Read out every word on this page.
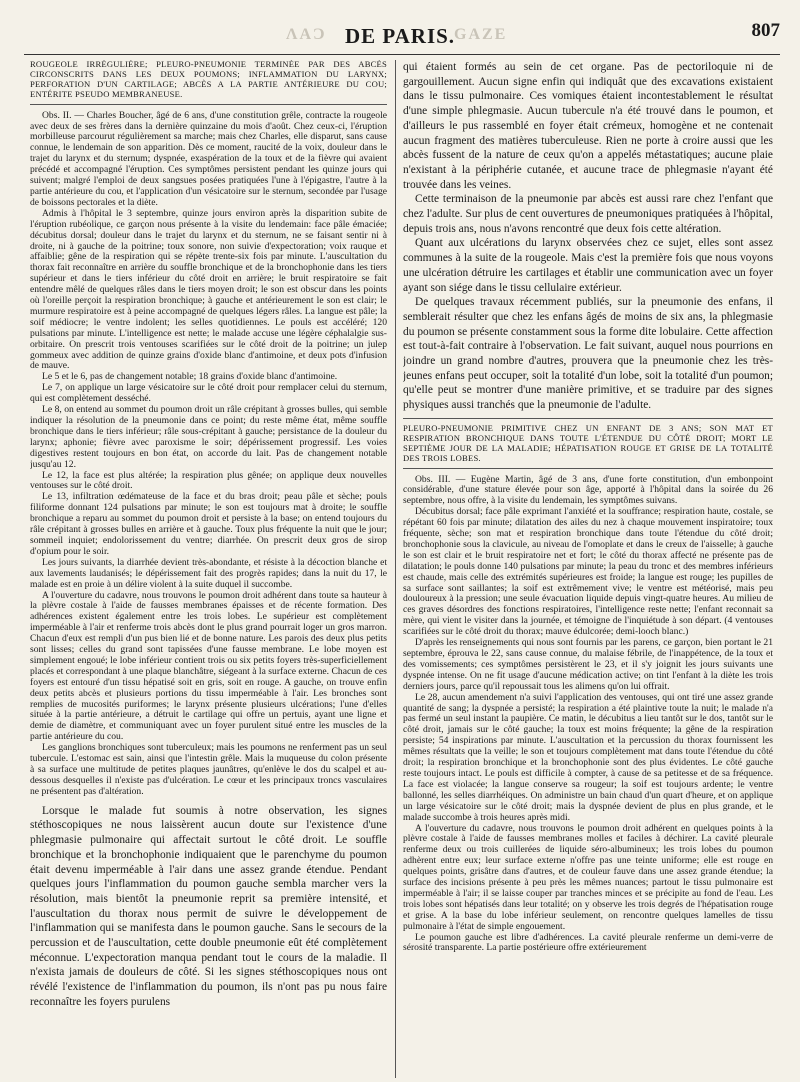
ΛAƆ DE PARIS.
GAZE	807

ROUGEOLE IRRÉGULIÈRE; PLEURO-PNEUMONIE TERMINÉE PAR DES ABCÈS CIRCONSCRITS DANS LES DEUX POUMONS; INFLAMMATION DU LARYNX; PERFORATION D'UN CARTILAGE; ABCÈS A LA PARTIE ANTÉRIEURE DU COU; ENTÉRITE PSEUDO MEMBRANEUSE.

Obs. II. — Charles Boucher, âgé de 6 ans, d'une constitution grêle, contracte la rougeole avec deux de ses frères dans la dernière quinzaine du mois d'août. Chez ceux-ci, l'éruption morbilleuse parcourut régulièrement sa marche; mais chez Charles, elle disparut, sans cause connue, le lendemain de son apparition. Dès ce moment, raucité de la voix, douleur dans le trajet du larynx et du sternum; dyspnée, exaspération de la toux et de la fièvre qui avaient précédé et accompagné l'éruption. Ces symptômes persistent pendant les quinze jours qui suivent; malgré l'emploi de deux sangsues posées pratiquées l'une à l'épigastre, l'autre à la partie antérieure du cou, et l'application d'un vésicatoire sur le sternum, secondée par l'usage de boissons pectorales et la diète.

Admis à l'hôpital le 3 septembre, quinze jours environ après la disparition subite de l'éruption rubéolique, ce garçon nous présente à la visite du lendemain: face pâle émaciée; décubitus dorsal; douleur dans le trajet du larynx et du sternum, ne se faisant sentir ni à droite, ni à gauche de la poitrine; toux sonore, non suivie d'expectoration; voix rauque et affaiblie; gêne de la respiration qui se répète trente-six fois par minute. L'auscultation du thorax fait reconnaître en arrière du souffle bronchique et de la bronchophonie dans les tiers supérieur et dans le tiers inférieur du côté droit en arrière; le bruit respiratoire se fait entendre mêlé de quelques râles dans le tiers moyen droit; le son est obscur dans les points où l'oreille perçoit la respiration bronchique; à gauche et antérieurement le son est clair; le murmure respiratoire est à peine accompagné de quelques légers râles. La langue est pâle; la soif médiocre; le ventre indolent; les selles quotidiennes. Le pouls est accéléré; 120 pulsations par minute. L'intelligence est nette; le malade accuse une légère céphalalgie sus-orbitaire. On prescrit trois ventouses scarifiées sur le côté droit de la poitrine; un julep gommeux avec addition de quinze grains d'oxide blanc d'antimoine, et deux pots d'infusion de mauve.

Le 5 et le 6, pas de changement notable; 18 grains d'oxide blanc d'antimoine.

Le 7, on applique un large vésicatoire sur le côté droit pour remplacer celui du sternum, qui est complètement desséché.

Le 8, on entend au sommet du poumon droit un râle crépitant à grosses bulles, qui semble indiquer la résolution de la pneumonie dans ce point; du reste même état, même souffle bronchique dans le tiers inférieur; râle sous-crépitant à gauche; persistance de la douleur du larynx; aphonie; fièvre avec paroxisme le soir; dépérissement progressif. Les voies digestives restent toujours en bon état, on accorde du lait. Pas de changement notable jusqu'au 12.

Le 12, la face est plus altérée; la respiration plus gênée; on applique deux nouvelles ventouses sur le côté droit.

Le 13, infiltration œdémateuse de la face et du bras droit; peau pâle et sèche; pouls filiforme donnant 124 pulsations par minute; le son est toujours mat à droite; le souffle bronchique a reparu au sommet du poumon droit et persiste à la base; on entend toujours du râle crépitant à grosses bulles en arrière et à gauche. Toux plus fréquente la nuit que le jour; sommeil inquiet; endolorissement du ventre; diarrhée. On prescrit deux gros de sirop d'opium pour le soir.

Les jours suivants, la diarrhée devient très-abondante, et résiste à la décoction blanche et aux lavements laudanisés; le dépérissement fait des progrès rapides; dans la nuit du 17, le malade est en proie à un délire violent à la suite duquel il succombe.

A l'ouverture du cadavre, nous trouvons le poumon droit adhérent dans toute sa hauteur à la plèvre costale à l'aide de fausses membranes épaisses et de récente formation. Des adhérences existent également entre les trois lobes. Le supérieur est complètement imperméable à l'air et renferme trois abcès dont le plus grand pourrait loger un gros marron. Chacun d'eux est rempli d'un pus bien lié et de bonne nature. Les parois des deux plus petits sont lisses; celles du grand sont tapissées d'une fausse membrane. Le lobe moyen est simplement engoué; le lobe inférieur contient trois ou six petits foyers très-superficiellement placés et correspondant à une plaque blanchâtre, siégeant à la surface externe. Chacun de ces foyers est entouré d'un tissu hépatisé soit en gris, soit en rouge. A gauche, on trouve enfin deux petits abcès et plusieurs portions du tissu imperméable à l'air. Les bronches sont remplies de mucosités puriformes; le larynx présente plusieurs ulcérations; l'une d'elles située à la partie antérieure, a détruit le cartilage qui offre un pertuis, ayant une ligne et demie de diamètre, et communiquant avec un foyer purulent situé entre les muscles de la partie antérieure du cou.

Les ganglions bronchiques sont tuberculeux; mais les poumons ne renferment pas un seul tubercule. L'estomac est sain, ainsi que l'intestin grêle. Mais la muqueuse du colon présente à sa surface une multitude de petites plaques jaunâtres, qu'enlève le dos du scalpel et au-dessous desquelles il n'existe pas d'ulcération. Le cœur et les principaux troncs vasculaires ne présentent pas d'altération.

Lorsque le malade fut soumis à notre observation, les signes stéthoscopiques ne nous laissèrent aucun doute sur l'existence d'une phlegmasie pulmonaire qui affectait surtout le côté droit. Le souffle bronchique et la bronchophonie indiquaient que le parenchyme du poumon était devenu imperméable à l'air dans une assez grande étendue. Pendant quelques jours l'inflammation du poumon gauche sembla marcher vers la résolution, mais bientôt la pneumonie reprit sa première intensité, et l'auscultation du thorax nous permit de suivre le développement de l'inflammation qui se manifesta dans le poumon gauche. Sans le secours de la percussion et de l'auscultation, cette double pneumonie eût été complètement méconnue. L'expectoration manqua pendant tout le cours de la maladie. Il n'exista jamais de douleurs de côté. Si les signes stéthoscopiques nous ont révélé l'existence de l'inflammation du poumon, ils n'ont pas pu nous faire reconnaître les foyers purulens

qui étaient formés au sein de cet organe. Pas de pectoriloquie ni de gargouillement. Aucun signe enfin qui indiquât que des excavations existaient dans le tissu pulmonaire. Ces vomiques étaient incontestablement le résultat d'une simple phlegmasie. Aucun tubercule n'a été trouvé dans le poumon, et d'ailleurs le pus rassemblé en foyer était crémeux, homogène et ne contenait aucun fragment des matières tuberculeuse. Rien ne porte à croire aussi que les abcès fussent de la nature de ceux qu'on a appelés métastatiques; aucune plaie n'existant à la périphérie cutanée, et aucune trace de phlegmasie n'ayant été trouvée dans les veines.

Cette terminaison de la pneumonie par abcès est aussi rare chez l'enfant que chez l'adulte. Sur plus de cent ouvertures de pneumoniques pratiquées à l'hôpital, depuis trois ans, nous n'avons rencontré que deux fois cette altération.

Quant aux ulcérations du larynx observées chez ce sujet, elles sont assez communes à la suite de la rougeole. Mais c'est la première fois que nous voyons une ulcération détruire les cartilages et établir une communication avec un foyer ayant son siége dans le tissu cellulaire extérieur.

De quelques travaux récemment publiés, sur la pneumonie des enfans, il semblerait résulter que chez les enfans âgés de moins de six ans, la phlegmasie du poumon se présente constamment sous la forme dite lobulaire. Cette affection est tout-à-fait contraire à l'observation. Le fait suivant, auquel nous pourrions en joindre un grand nombre d'autres, prouvera que la pneumonie chez les très-jeunes enfans peut occuper, soit la totalité d'un lobe, soit la totalité d'un poumon; qu'elle peut se montrer d'une manière primitive, et se traduire par des signes physiques aussi tranchés que la pneumonie de l'adulte.

PLEURO-PNEUMONIE PRIMITIVE CHEZ UN ENFANT DE 3 ANS; SON MAT ET RESPIRATION BRONCHIQUE DANS TOUTE L'ÉTENDUE DU CÔTÉ DROIT; MORT LE SEPTIÈME JOUR DE LA MALADIE; HÉPATISATION ROUGE ET GRISE DE LA TOTALITÉ DES TROIS LOBES.

Obs. III. — Eugène Martin, âgé de 3 ans, d'une forte constitution, d'un embonpoint considérable, d'une stature élevée pour son âge, apporté à l'hôpital dans la soirée du 26 septembre, nous offre, à la visite du lendemain, les symptômes suivans.

Décubitus dorsal; face pâle exprimant l'anxiété et la souffrance; respiration haute, costale, se répétant 60 fois par minute; dilatation des ailes du nez à chaque mouvement inspiratoire; toux fréquente, sèche; son mat et respiration bronchique dans toute l'étendue du côté droit; bronchophonie sous la clavicule, au niveau de l'omoplate et dans le creux de l'aisselle; à gauche le son est clair et le bruit respiratoire net et fort; le côté du thorax affecté ne présente pas de dilatation; le pouls donne 140 pulsations par minute; la peau du tronc et des membres inférieurs est chaude, mais celle des extrémités supérieures est froide; la langue est rouge; les pupilles de sa surface sont saillantes; la soif est extrêmement vive; le ventre est météorisé, mais peu douloureux à la pression; une seule évacuation liquide depuis vingt-quatre heures. Au milieu de ces graves désordres des fonctions respiratoires, l'intelligence reste nette; l'enfant reconnait sa mère, qui vient le visiter dans la journée, et témoigne de l'inquiétude à son départ. (4 ventouses scarifiées sur le côté droit du thorax; mauve édulcorée; demi-looch blanc.)

D'après les renseignements qui nous sont fournis par les parens, ce garçon, bien portant le 21 septembre, éprouva le 22, sans cause connue, du malaise fébrile, de l'inappétence, de la toux et des vomissements; ces symptômes persistèrent le 23, et il s'y joignit les jours suivants une dyspnée intense. On ne fit usage d'aucune médication active; on tint l'enfant à la diète les trois derniers jours, parce qu'il repoussait tous les alimens qu'on lui offrait.

Le 28, aucun amendement n'a suivi l'application des ventouses, qui ont tiré une assez grande quantité de sang; la dyspnée a persisté; la respiration a été plaintive toute la nuit; le malade n'a pas fermé un seul instant la paupière. Ce matin, le décubitus a lieu tantôt sur le dos, tantôt sur le côté droit, jamais sur le côté gauche; la toux est moins fréquente; la gêne de la respiration persiste; 54 inspirations par minute. L'auscultation et la percussion du thorax fournissent les mêmes résultats que la veille; le son et toujours complètement mat dans toute l'étendue du côté droit; la respiration bronchique et la bronchophonie sont des plus évidentes. Le côté gauche reste toujours intact. Le pouls est difficile à compter, à cause de sa petitesse et de sa fréquence. La face est violacée; la langue conserve sa rougeur; la soif est toujours ardente; le ventre ballonné, les selles diarrhéiques. On administre un bain chaud d'un quart d'heure, et on applique un large vésicatoire sur le côté droit; mais la dyspnée devient de plus en plus grande, et le malade succombe à trois heures après midi.

A l'ouverture du cadavre, nous trouvons le poumon droit adhérent en quelques points à la plèvre costale à l'aide de fausses membranes molles et faciles à déchirer. La cavité pleurale renferme deux ou trois cuillerées de liquide séro-albumineux; les trois lobes du poumon adhèrent entre eux; leur surface externe n'offre pas une teinte uniforme; elle est rouge en quelques points, grisâtre dans d'autres, et de couleur fauve dans une assez grande étendue; la surface des incisions présente à peu près les mêmes nuances; partout le tissu pulmonaire est imperméable à l'air; il se laisse couper par tranches minces et se précipite au fond de l'eau. Les trois lobes sont hépatisés dans leur totalité; on y observe les trois degrés de l'hépatisation rouge et grise. A la base du lobe inférieur seulement, on rencontre quelques lamelles de tissu pulmonaire à l'état de simple engouement.

Le poumon gauche est libre d'adhérences. La cavité pleurale renferme un demi-verre de sérosité transparente. La partie postérieure offre extérieurement
